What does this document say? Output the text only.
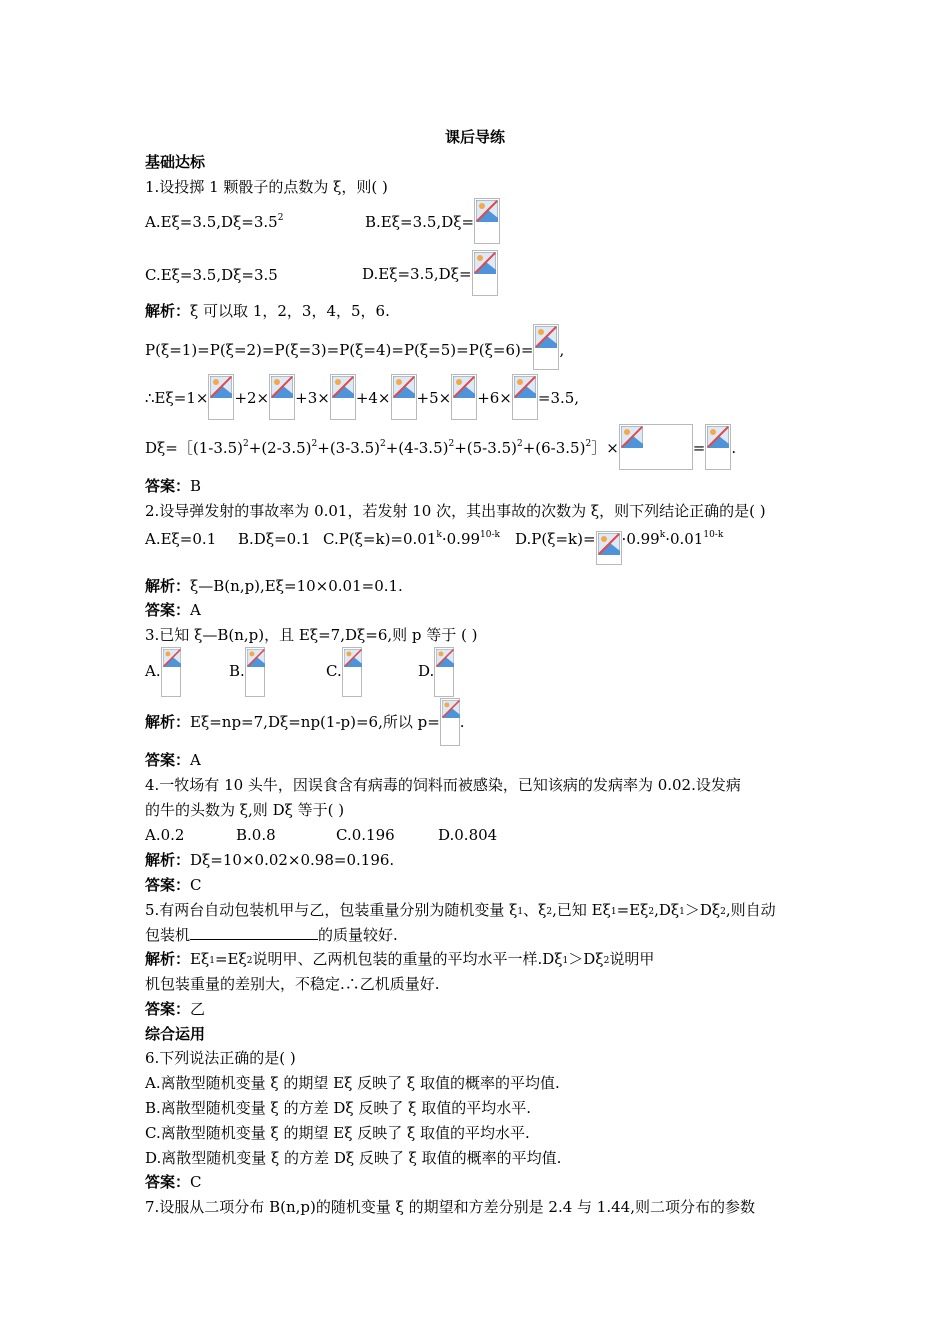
课后导练
基础达标
1.设投掷 1 颗骰子的点数为 ξ，则( )
$A.E\xi=3.5,D\xi=3.5^2$	B.Eξ=3.5,Dξ=
C.Eξ=3.5,Dξ=3.5	D.Eξ=3.5,Dξ=
解析：ξ 可以取 1，2，3，4，5，6.
P(ξ=1)=P(ξ=2)=P(ξ=3)=P(ξ=4)=P(ξ=5)=P(ξ=6)= ,
∴Eξ=1× +2× +3× +4× +5× +6× =3.5,
$D\xi=[(1-3.5)^2+(2-3.5)^2+(3-3.5)^2+(4-3.5)^2+(5-3.5)^2+(6-3.5)^2]\times$	= .
答案：B
2.设导弹发射的事故率为 0.01，若发射 10 次，其出事故的次数为 ξ，则下列结论正确的是( )
A.Eξ=0.1 B.Dξ=0.1 $C.P(\xi=k)=0.01^k\cdot 0.99^{10-k}$ $D.P(\xi=k)= \cdot 0.99^k\cdot 0.01^{10-k}$
解析：ξ—B(n,p),Eξ=10×0.01=0.1.
答案：A
3.已知 ξ—B(n,p)，且 Eξ=7,Dξ=6,则 p 等于 ( )
A.	B.	C.	D.
解析：Eξ=np=7,Dξ=np(1-p)=6,所以 p= .
答案：A
4.一牧场有 10 头牛，因误食含有病毒的饲料而被感染，已知该病的发病率为 0.02.设发病
的牛的头数为 ξ,则 Dξ 等于( )
A.0.2	B.0.8	C.0.196	D.0.804
解析：Dξ=10×0.02×0.98=0.196.
答案：C
5.有两台自动包装机甲与乙，包装重量分别为随机变量 $\xi_1$、$\xi_2$,已知 $E\xi_1=E\xi_2,D\xi_1>D\xi_2$,则自动
包装机	的质量较好.
解析：$E\xi_1=E\xi_2$说明甲、乙两机包装的重量的平均水平一样$.D\xi_1>D\xi_2$说明甲
机包装重量的差别大，不稳定.∴乙机质量好.
答案：乙
综合运用
6.下列说法正确的是( )
A.离散型随机变量 ξ 的期望 Eξ 反映了 ξ 取值的概率的平均值.
B.离散型随机变量 ξ 的方差 Dξ 反映了 ξ 取值的平均水平.
C.离散型随机变量 ξ 的期望 Eξ 反映了 ξ 取值的平均水平.
D.离散型随机变量 ξ 的方差 Dξ 反映了 ξ 取值的概率的平均值.
答案：C
7.设服从二项分布 B(n,p)的随机变量 ξ 的期望和方差分别是 2.4 与 1.44,则二项分布的参数
